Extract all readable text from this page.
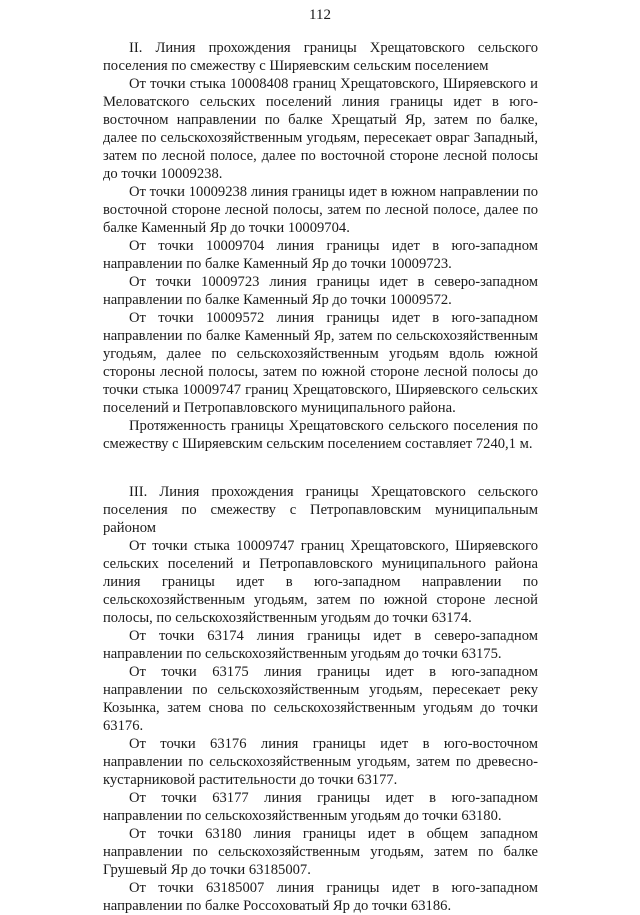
112

II. Линия прохождения границы Хрещатовского сельского поселения по смежеству с Ширяевским сельским поселением

От точки стыка 10008408 границ Хрещатовского, Ширяевского и Меловатского сельских поселений линия границы идет в юго-восточном направлении по балке Хрещатый Яр, затем по балке, далее по сельскохозяйственным угодьям, пересекает овраг Западный, затем по лесной полосе, далее по восточной стороне лесной полосы до точки 10009238.

От точки 10009238 линия границы идет в южном направлении по восточной стороне лесной полосы, затем по лесной полосе, далее по балке Каменный Яр до точки 10009704.

От точки 10009704 линия границы идет в юго-западном направлении по балке Каменный Яр до точки 10009723.

От точки 10009723 линия границы идет в северо-западном направлении по балке Каменный Яр до точки 10009572.

От точки 10009572 линия границы идет в юго-западном направлении по балке Каменный Яр, затем по сельскохозяйственным угодьям, далее по сельскохозяйственным угодьям вдоль южной стороны лесной полосы, затем по южной стороне лесной полосы до точки стыка 10009747 границ Хрещатовского, Ширяевского сельских поселений и Петропавловского муниципального района.

Протяженность границы Хрещатовского сельского поселения по смежеству с Ширяевским сельским поселением составляет 7240,1 м.

III. Линия прохождения границы Хрещатовского сельского поселения по смежеству с Петропавловским муниципальным районом

От точки стыка 10009747 границ Хрещатовского, Ширяевского сельских поселений и Петропавловского муниципального района линия границы идет в юго-западном направлении по сельскохозяйственным угодьям, затем по южной стороне лесной полосы, по сельскохозяйственным угодьям до точки 63174.

От точки 63174 линия границы идет в северо-западном направлении по сельскохозяйственным угодьям до точки 63175.

От точки 63175 линия границы идет в юго-западном направлении по сельскохозяйственным угодьям, пересекает реку Козынка, затем снова по сельскохозяйственным угодьям до точки 63176.

От точки 63176 линия границы идет в юго-восточном направлении по сельскохозяйственным угодьям, затем по древесно-кустарниковой растительности до точки 63177.

От точки 63177 линия границы идет в юго-западном направлении по сельскохозяйственным угодьям до точки 63180.

От точки 63180 линия границы идет в общем западном направлении по сельскохозяйственным угодьям, затем по балке Грушевый Яр до точки 63185007.

От точки 63185007 линия границы идет в юго-западном направлении по балке Россоховатый Яр до точки 63186.
